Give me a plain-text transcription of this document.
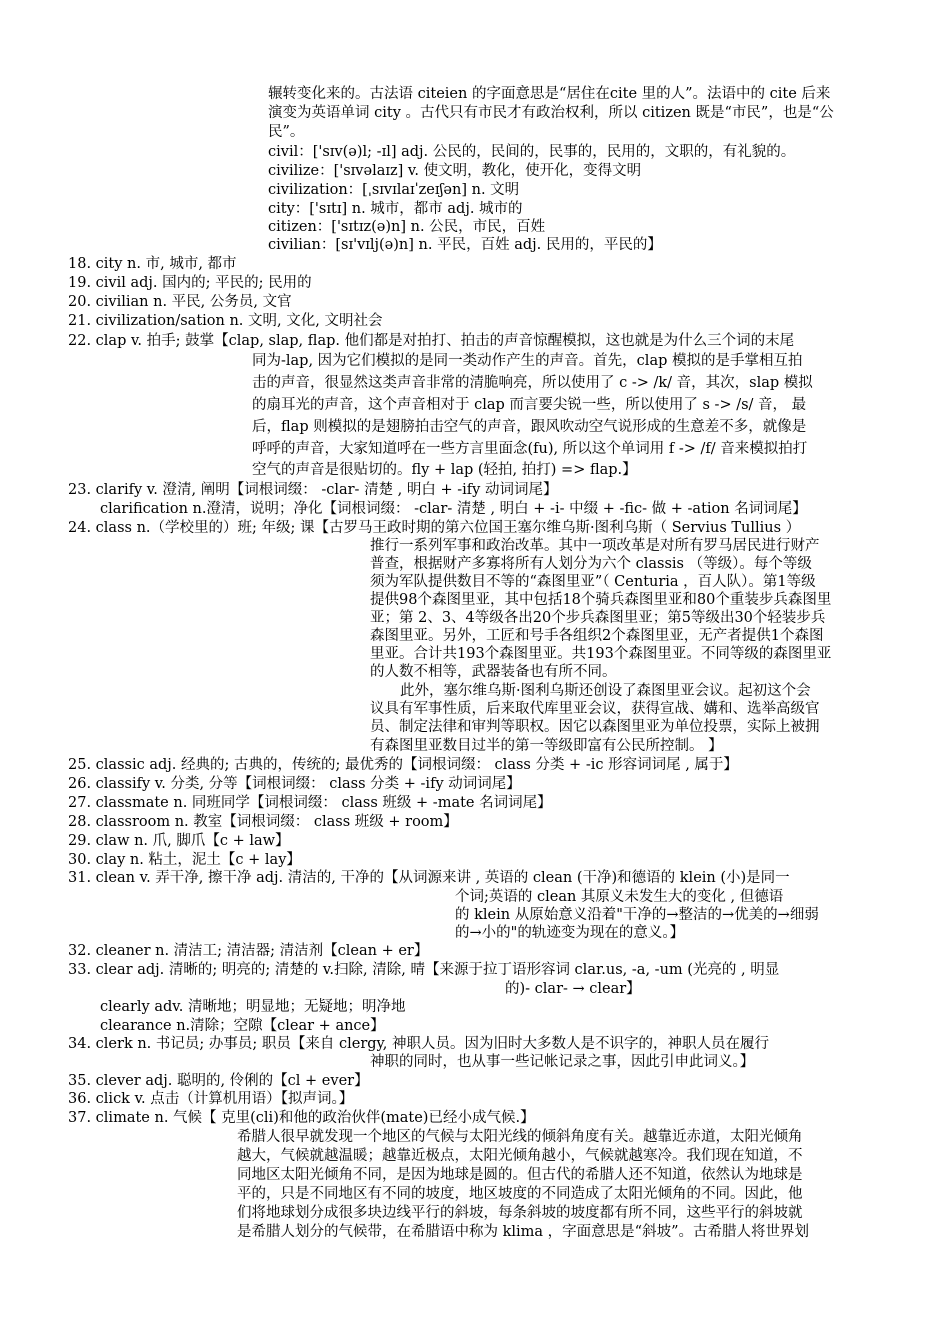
辗转变化来的。古法语 citeien 的字面意思是“居住在cite 里的人”。法语中的 cite 后来
演变为英语单词 city 。古代只有市民才有政治权利，所以 citizen 既是“市民”，也是“公
民”。
civil：['sɪv(ə)l; -ɪl] adj. 公民的，民间的，民事的，民用的，文职的，有礼貌的。
civilize：['sɪvəlaɪz] v. 使文明，教化，使开化，变得文明
civilization：[ˌsɪvɪlaɪˈzeɪʃən] n. 文明
city：['sɪtɪ] n. 城市，都市 adj. 城市的
citizen：['sɪtɪz(ə)n] n. 公民，市民，百姓
civilian：[sɪ'vɪlj(ə)n] n. 平民，百姓 adj. 民用的，平民的】
18. city n. 市, 城市, 都市
19. civil adj. 国内的; 平民的; 民用的
20. civilian n. 平民, 公务员, 文官
21. civilization/sation n. 文明, 文化, 文明社会
22. clap v. 拍手; 鼓掌【clap, slap, flap. 他们都是对拍打、拍击的声音惊醒模拟，这也就是为什么三个词的末尾
同为-lap, 因为它们模拟的是同一类动作产生的声音。首先，clap 模拟的是手掌相互拍
击的声音，很显然这类声音非常的清脆响亮，所以使用了 c -> /k/ 音，其次，slap 模拟
的扇耳光的声音，这个声音相对于 clap 而言要尖锐一些，所以使用了 s -> /s/ 音， 最
后，flap 则模拟的是翅膀拍击空气的声音，跟风吹动空气说形成的生意差不多，就像是
呼呼的声音，大家知道呼在一些方言里面念(fu), 所以这个单词用 f -> /f/ 音来模拟拍打
空气的声音是很贴切的。fly + lap (轻拍, 拍打) => flap.】
23. clarify v. 澄清, 阐明【词根词缀： -clar- 清楚 , 明白 + -ify 动词词尾】
clarification n.澄清，说明；净化【词根词缀： -clar- 清楚 , 明白 + -i- 中缀 + -fic- 做 + -ation 名词词尾】
24. class n.（学校里的）班; 年级; 课【古罗马王政时期的第六位国王塞尔维乌斯·图利乌斯（ Servius Tullius ）
推行一系列军事和政治改革。其中一项改革是对所有罗马居民进行财产
普查，根据财产多寡将所有人划分为六个 classis （等级）。每个等级
须为军队提供数目不等的“森图里亚”（ Centuria ，百人队）。第1等级
提供98个森图里亚，其中包括18个骑兵森图里亚和80个重装步兵森图里
亚；第 2、3、4等级各出20个步兵森图里亚；第5等级出30个轻装步兵
森图里亚。另外，工匠和号手各组织2个森图里亚，无产者提供1个森图
里亚。合计共193个森图里亚。共193个森图里亚。不同等级的森图里亚
的人数不相等，武器装备也有所不同。
此外，塞尔维乌斯·图利乌斯还创设了森图里亚会议。起初这个会
议具有军事性质，后来取代库里亚会议，获得宣战、媾和、选举高级官
员、制定法律和审判等职权。因它以森图里亚为单位投票，实际上被拥
有森图里亚数目过半的第一等级即富有公民所控制。 】
25. classic adj. 经典的; 古典的，传统的; 最优秀的【词根词缀： class 分类 + -ic 形容词词尾 , 属于】
26. classify v. 分类, 分等【词根词缀： class 分类 + -ify 动词词尾】
27. classmate n. 同班同学【词根词缀： class 班级 + -mate 名词词尾】
28. classroom n. 教室【词根词缀： class 班级 + room】
29. claw n. 爪, 脚爪【c + law】
30. clay n. 粘土，泥土【c + lay】
31. clean v. 弄干净, 擦干净 adj. 清洁的, 干净的【从词源来讲 , 英语的 clean (干净)和德语的 klein (小)是同一
个词;英语的 clean 其原义未发生大的变化 , 但德语
的 klein 从原始意义沿着"干净的→整洁的→优美的→细弱
的→小的"的轨迹变为现在的意义。】
32. cleaner n. 清洁工; 清洁器; 清洁剂【clean + er】
33. clear adj. 清晰的; 明亮的; 清楚的 v.扫除, 清除, 晴【来源于拉丁语形容词 clar.us, -a, -um (光亮的 , 明显
的)- clar- → clear】
clearly adv. 清晰地；明显地；无疑地；明净地
clearance n.清除；空隙【clear + ance】
34. clerk n. 书记员; 办事员; 职员【来自 clergy, 神职人员。因为旧时大多数人是不识字的，神职人员在履行
神职的同时，也从事一些记帐记录之事，因此引申此词义。】
35. clever adj. 聪明的, 伶俐的【cl + ever】
36. click v. 点击（计算机用语）【拟声词。】
37. climate n. 气候【 克里(cli)和他的政治伙伴(mate)已经小成气候.】
希腊人很早就发现一个地区的气候与太阳光线的倾斜角度有关。越靠近赤道，太阳光倾角
越大，气候就越温暖；越靠近极点，太阳光倾角越小，气候就越寒冷。我们现在知道，不
同地区太阳光倾角不同，是因为地球是圆的。但古代的希腊人还不知道，依然认为地球是
平的，只是不同地区有不同的坡度，地区坡度的不同造成了太阳光倾角的不同。因此，他
们将地球划分成很多块边线平行的斜坡，每条斜坡的坡度都有所不同，这些平行的斜坡就
是希腊人划分的气候带，在希腊语中称为 klima ，字面意思是“斜坡”。古希腊人将世界划
